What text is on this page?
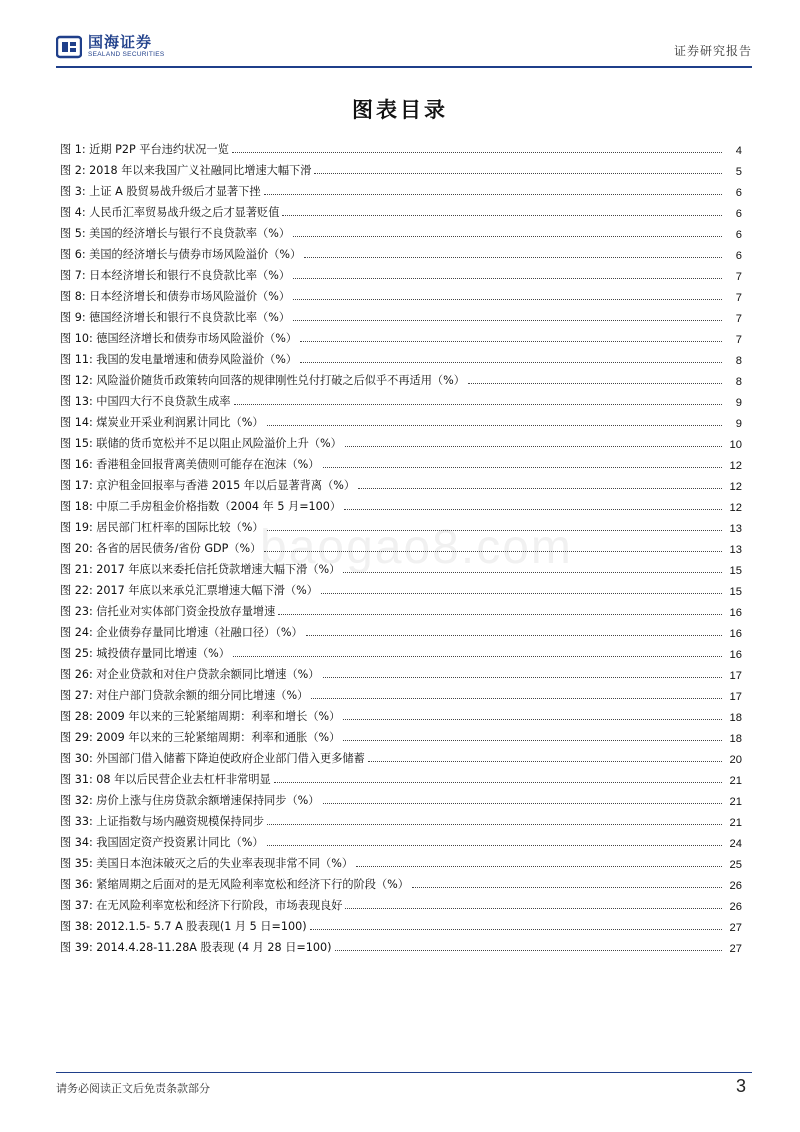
国海证券
SEALAND SECURITIES	证券研究报告
图表目录
图 1: 近期 P2P 平台违约状况一览	4
图 2: 2018 年以来我国广义社融同比增速大幅下滑	5
图 3: 上证 A 股贸易战升级后才显著下挫	6
图 4: 人民币汇率贸易战升级之后才显著贬值	6
图 5: 美国的经济增长与银行不良贷款率（%）	6
图 6: 美国的经济增长与债券市场风险溢价（%）	6
图 7: 日本经济增长和银行不良贷款比率（%）	7
图 8: 日本经济增长和债券市场风险溢价（%）	7
图 9: 德国经济增长和银行不良贷款比率（%）	7
图 10: 德国经济增长和债券市场风险溢价（%）	7
图 11: 我国的发电量增速和债券风险溢价（%）	8
图 12: 风险溢价随货币政策转向回落的规律刚性兑付打破之后似乎不再适用（%）	8
图 13: 中国四大行不良贷款生成率	9
图 14: 煤炭业开采业利润累计同比（%）	9
图 15: 联储的货币宽松并不足以阻止风险溢价上升（%）	10
图 16: 香港租金回报背离美债则可能存在泡沫（%）	12
图 17: 京沪租金回报率与香港 2015 年以后显著背离（%）	12
图 18: 中原二手房租金价格指数（2004 年 5 月=100）	12
图 19: 居民部门杠杆率的国际比较（%）	13
图 20: 各省的居民债务/省份 GDP（%）	13
图 21: 2017 年底以来委托信托贷款增速大幅下滑（%）	15
图 22: 2017 年底以来承兑汇票增速大幅下滑（%）	15
图 23: 信托业对实体部门资金投放存量增速	16
图 24: 企业债券存量同比增速（社融口径）（%）	16
图 25: 城投债存量同比增速（%）	16
图 26: 对企业贷款和对住户贷款余额同比增速（%）	17
图 27: 对住户部门贷款余额的细分同比增速（%）	17
图 28: 2009 年以来的三轮紧缩周期：利率和增长（%）	18
图 29: 2009 年以来的三轮紧缩周期：利率和通胀（%）	18
图 30: 外国部门借入储蓄下降迫使政府企业部门借入更多储蓄	20
图 31: 08 年以后民营企业去杠杆非常明显	21
图 32: 房价上涨与住房贷款余额增速保持同步（%）	21
图 33: 上证指数与场内融资规模保持同步	21
图 34: 我国固定资产投资累计同比（%）	24
图 35: 美国日本泡沫破灭之后的失业率表现非常不同（%）	25
图 36: 紧缩周期之后面对的是无风险利率宽松和经济下行的阶段（%）	26
图 37: 在无风险利率宽松和经济下行阶段，市场表现良好	26
图 38: 2012.1.5- 5.7 A 股表现(1 月 5 日=100)	27
图 39: 2014.4.28-11.28A 股表现 (4 月 28 日=100)	27
baogao8.com
请务必阅读正文后免责条款部分	3
